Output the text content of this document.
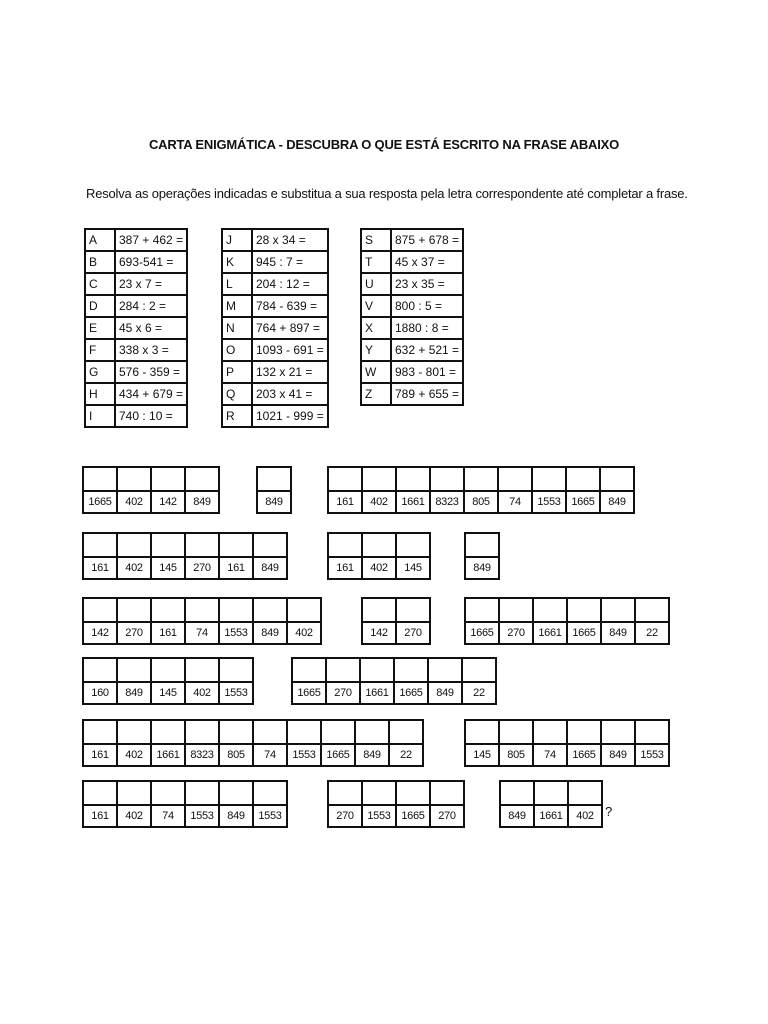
CARTA ENIGMÁTICA - DESCUBRA O QUE ESTÁ ESCRITO NA FRASE ABAIXO
Resolva as operações indicadas e substitua a sua resposta pela letra correspondente até completar a frase.
A	387 + 462 =
B	693-541 =
C	23 x 7 =
D	284 : 2 =
E	45 x 6 =
F	338 x 3 =
G	576 - 359 =
H	434 + 679 =
I	740 : 10 =
J	28 x 34 =
K	945 : 7 =
L	204 : 12 =
M	784 - 639 =
N	764 + 897 =
O	1093 - 691 =
P	132 x 21 =
Q	203 x 41 =
R	1021 - 999 =
S	875 + 678 =
T	45 x 37 =
U	23 x 35 =
V	800 : 5 =
X	1880 : 8 =
Y	632 + 521 =
W	983 - 801 =
Z	789 + 655 =

1665	402	142	849	849
									161	402	1661	8323	805	74	1553	1665	849

161	402	145	270	161	849
			161	402	145	849

142	270	161	74	1553	849	402
		142	270
						1665	270	1661	1665	849	22

160	849	145	402	1553
						1665	270	1661	1665	849	22

161	402	1661	8323	805	74	1553	1665	849	22
						145	805	74	1665	849	1553

161	402	74	1553	849	1553
				270	1553	1665	270
			849	1661	402 ?
